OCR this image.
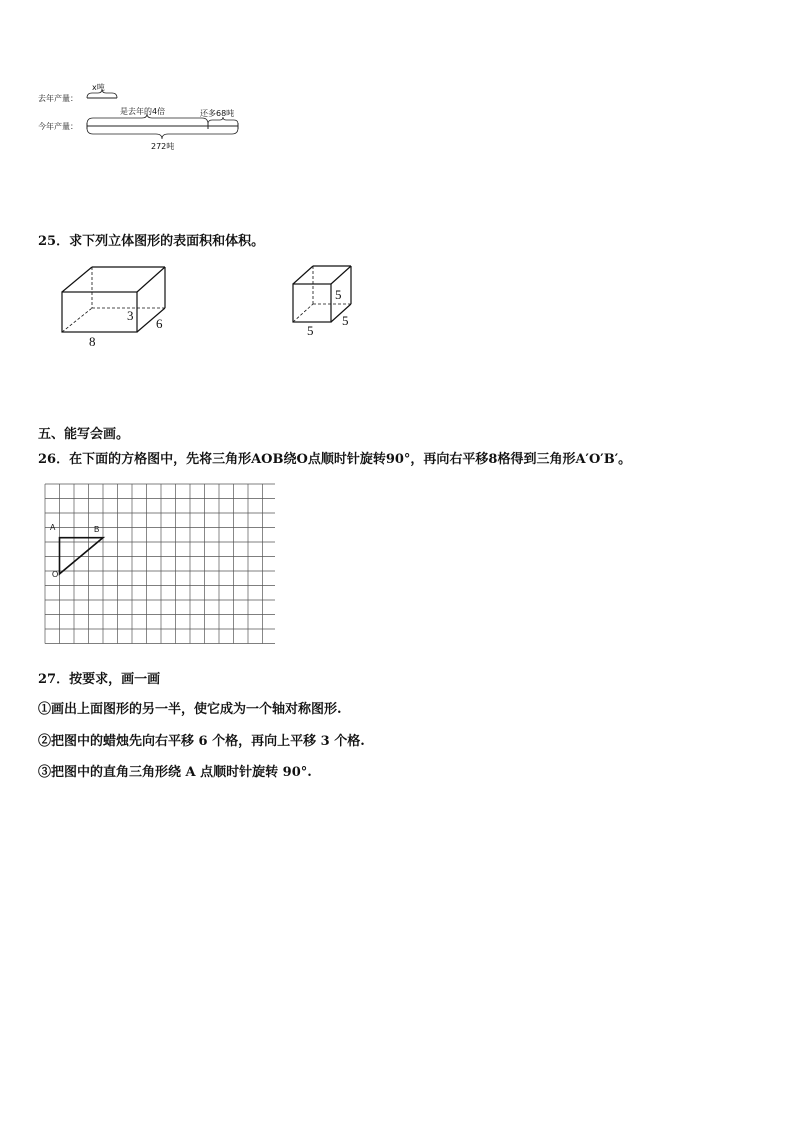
去年产量：
x吨
今年产量：
是去年的4倍	还多68吨
272吨
25．求下列立体图形的表面积和体积。
3
6
8
5
5
5
五、能写会画。
26．在下面的方格图中，先将三角形AOB绕O点顺时针旋转90°，再向右平移8格得到三角形A′O′B′。
A	B
O
27．按要求，画一画
①画出上面图形的另一半，使它成为一个轴对称图形.
②把图中的蜡烛先向右平移 6 个格，再向上平移 3 个格.
③把图中的直角三角形绕 A 点顺时针旋转 90°.
